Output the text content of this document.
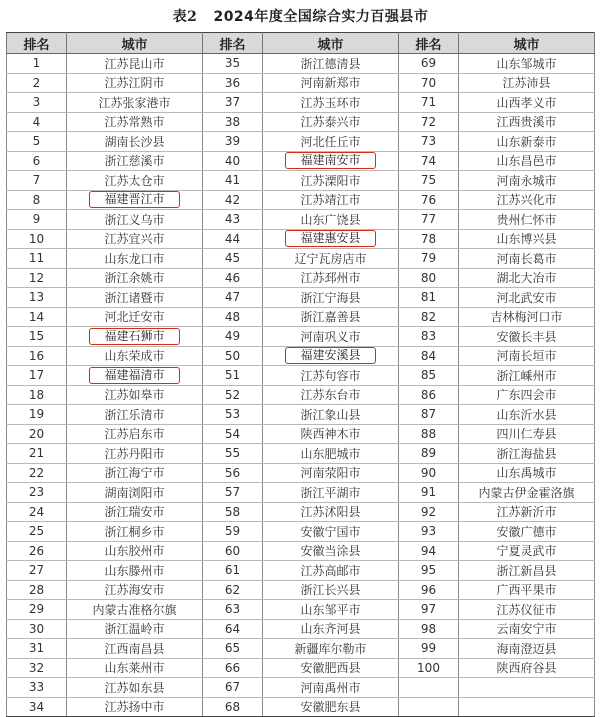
表2 2024年度全国综合实力百强县市
排名	城市	排名	城市	排名	城市
1	江苏昆山市	35	浙江德清县	69	山东邹城市
2	江苏江阴市	36	河南新郑市	70	江苏沛县
3	江苏张家港市	37	江苏玉环市	71	山西孝义市
4	江苏常熟市	38	江苏泰兴市	72	江西贵溪市
5	湖南长沙县	39	河北任丘市	73	山东新泰市
6	浙江慈溪市	40	福建南安市	74	山东昌邑市
7	江苏太仓市	41	江苏溧阳市	75	河南永城市
8	福建晋江市	42	江苏靖江市	76	江苏兴化市
9	浙江义乌市	43	山东广饶县	77	贵州仁怀市
10	江苏宜兴市	44	福建惠安县	78	山东博兴县
11	山东龙口市	45	辽宁瓦房店市	79	河南长葛市
12	浙江余姚市	46	江苏邳州市	80	湖北大冶市
13	浙江诸暨市	47	浙江宁海县	81	河北武安市
14	河北迁安市	48	浙江嘉善县	82	吉林梅河口市
15	福建石狮市	49	河南巩义市	83	安徽长丰县
16	山东荣成市	50	福建安溪县	84	河南长垣市
17	福建福清市	51	江苏句容市	85	浙江嵊州市
18	江苏如皋市	52	江苏东台市	86	广东四会市
19	浙江乐清市	53	浙江象山县	87	山东沂水县
20	江苏启东市	54	陕西神木市	88	四川仁寿县
21	江苏丹阳市	55	山东肥城市	89	浙江海盐县
22	浙江海宁市	56	河南荥阳市	90	山东禹城市
23	湖南浏阳市	57	浙江平湖市	91	内蒙古伊金霍洛旗
24	浙江瑞安市	58	江苏沭阳县	92	江苏新沂市
25	浙江桐乡市	59	安徽宁国市	93	安徽广德市
26	山东胶州市	60	安徽当涂县	94	宁夏灵武市
27	山东滕州市	61	江苏高邮市	95	浙江新昌县
28	江苏海安市	62	浙江长兴县	96	广西平果市
29	内蒙古准格尔旗	63	山东邹平市	97	江苏仪征市
30	浙江温岭市	64	山东齐河县	98	云南安宁市
31	江西南昌县	65	新疆库尔勒市	99	海南澄迈县
32	山东莱州市	66	安徽肥西县	100	陕西府谷县
33	江苏如东县	67	河南禹州市		
34	江苏扬中市	68	安徽肥东县		
